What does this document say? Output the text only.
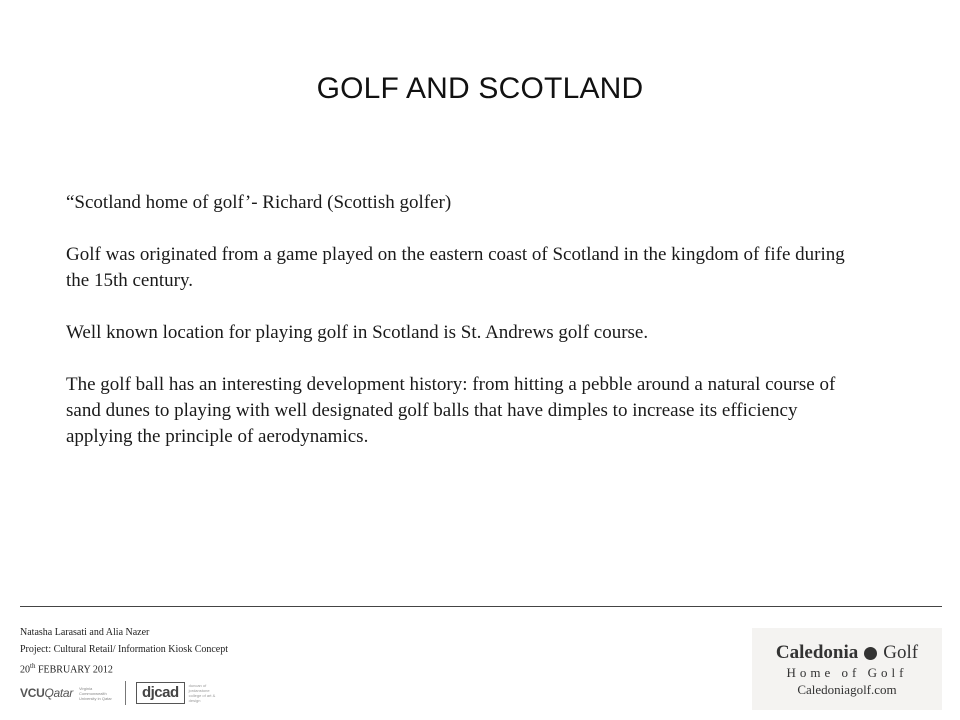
GOLF AND SCOTLAND

“Scotland home of golf’- Richard (Scottish golfer)

Golf was originated from a game played on the eastern coast of Scotland in the kingdom of fife during the 15th century.

Well known location for playing golf in Scotland is St. Andrews golf course.

The golf ball has an interesting development history: from hitting a pebble around a natural course of sand dunes to playing with well designated golf balls that have dimples to increase its efficiency applying the principle of aerodynamics.

Natasha Larasati and Alia Nazer
Project: Cultural Retail/ Information Kiosk Concept
20th FEBRUARY 2012
VCUQatar Virginia Commonwealth University in Qatar	djcad	duncan of jordanstone college of art & design
Caledonia Golf
Home of Golf
Caledoniagolf.com
